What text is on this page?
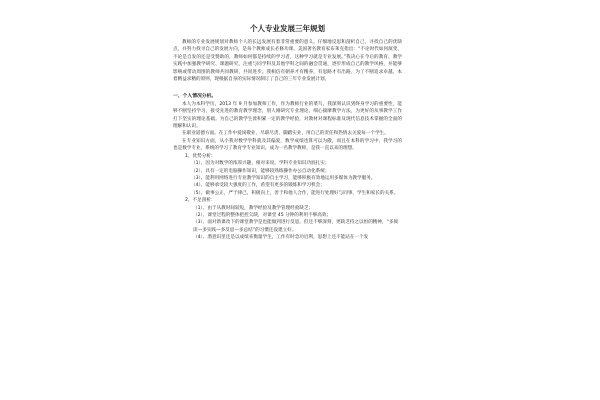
个人专业发展三年规划

教师的专业发展规划对教师个人的长远发展有着非常重要的意义。仔细地反思和剖析自己，寻找自己的优缺点，并努力找寻自己的发展方向，是每个教师成长必修功课。美国著名教育家布莱克指出：“不论时代如何演变，不论是自发的还是受赞助的，教师如何都是持续的学习者，这种学习就是专业发展。”我决心在今后的教育、教学实践中加强教学研究、课题研究，注重与同学科及其他学科之间的融会贯通，逐步形成自己的教学风格，并能够影响或带动周围的教师共同教研，共同进步。我相信有朝养才有精养，有思路才有出路，为了不断追求卓越，本着精益求精的原则，现根据自身的实际情况制订了自己的三年专业发展计划。

一、个人情况分析。

本人为本科学历，2013 年 9 月参加教师工作，作为教师行业的菜鸟，我深刻认识到终身学习的重要性，能够不断坚持学习，接受先进的教育教学理念，别人刚研究专业理论、细心揣摩教学方法，为更好的从事教学工作打下坚实的理论基础。为自己的教学生涯积累一定的教学经验，对教材对课程标准及现代信息技术掌握的全面的理解和认识。

在职业道德方面。在工作中爱岗敬业，尽职尽责、脚踏实业，用自己的责任和热情去关爱每一个学生。

在专业知识方面，从小我对数学学科就及其偏爱，数学成绩也算可以为傲，而且在本科的学习中，我学习的也是数学专业，系统的学习了教育学专业知识。成为一名教学教师，是我一直以来的理想。

1、优势分析：

（1）、因为对数学的浓厚兴趣，相对来说，学科专业知识功底扎实；

（2）、具有一定的电脑操作知识，能够较熟练操作办公自动化系统；

（3）、能利用网络进行专业教学知识的自主学习，能够积极有效地运用多媒体为教学服务。

（4）、能够承受较大强度的工作，希望有更多的锻炼和学习机会；

（5）、做事公正，严于律己，积极向上，善于和他人合作，能进行处理好与同事、学生和家长的关系。

2、不足剖析：

（1）、由于从教时间较短，教学经验及教学管理经验缺乏；

（2）、课堂过程的整体把控欠缺，对课堂 45 分钟的利用不够高效；

（3）、面对新课改下的课堂教学是也能做到进行反思，但还不够深刻，更缺乏持之以恒的精神，“多阅读—多实践—多反思—多总结”的习惯还没建立好。

（4）、潜意识里还是以成绩来衡量学生，工作有时急功近利，思想上还不能站在一个发
